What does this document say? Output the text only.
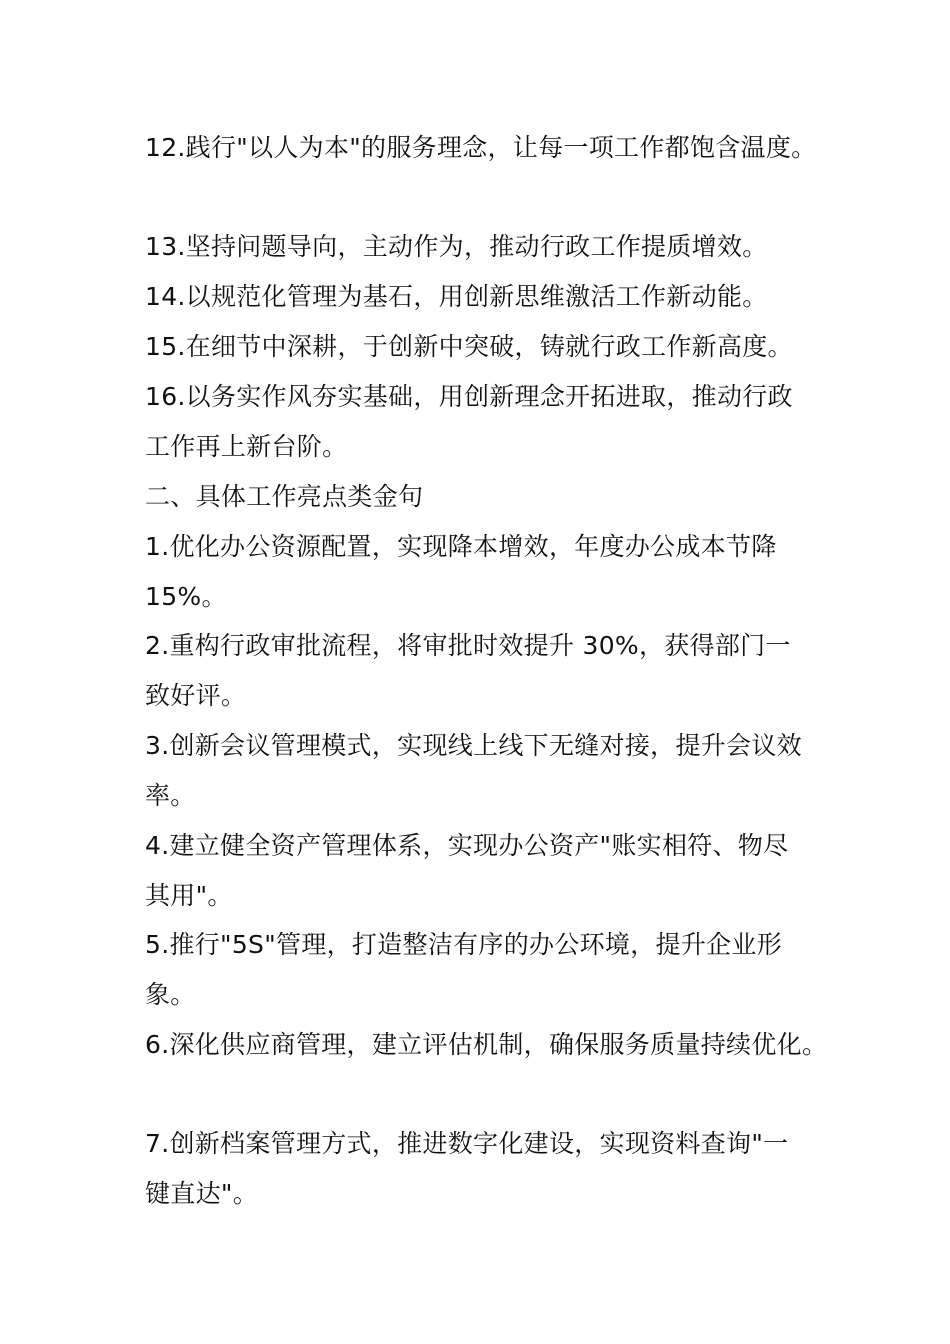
12.践行"以人为本"的服务理念，让每一项工作都饱含温度。
13.坚持问题导向，主动作为，推动行政工作提质增效。
14.以规范化管理为基石，用创新思维激活工作新动能。
15.在细节中深耕，于创新中突破，铸就行政工作新高度。
16.以务实作风夯实基础，用创新理念开拓进取，推动行政
工作再上新台阶。
二、具体工作亮点类金句
1.优化办公资源配置，实现降本增效，年度办公成本节降
15%。
2.重构行政审批流程，将审批时效提升 30%，获得部门一
致好评。
3.创新会议管理模式，实现线上线下无缝对接，提升会议效
率。
4.建立健全资产管理体系，实现办公资产"账实相符、物尽
其用"。
5.推行"5S"管理，打造整洁有序的办公环境，提升企业形
象。
6.深化供应商管理，建立评估机制，确保服务质量持续优化。
7.创新档案管理方式，推进数字化建设，实现资料查询"一
键直达"。
